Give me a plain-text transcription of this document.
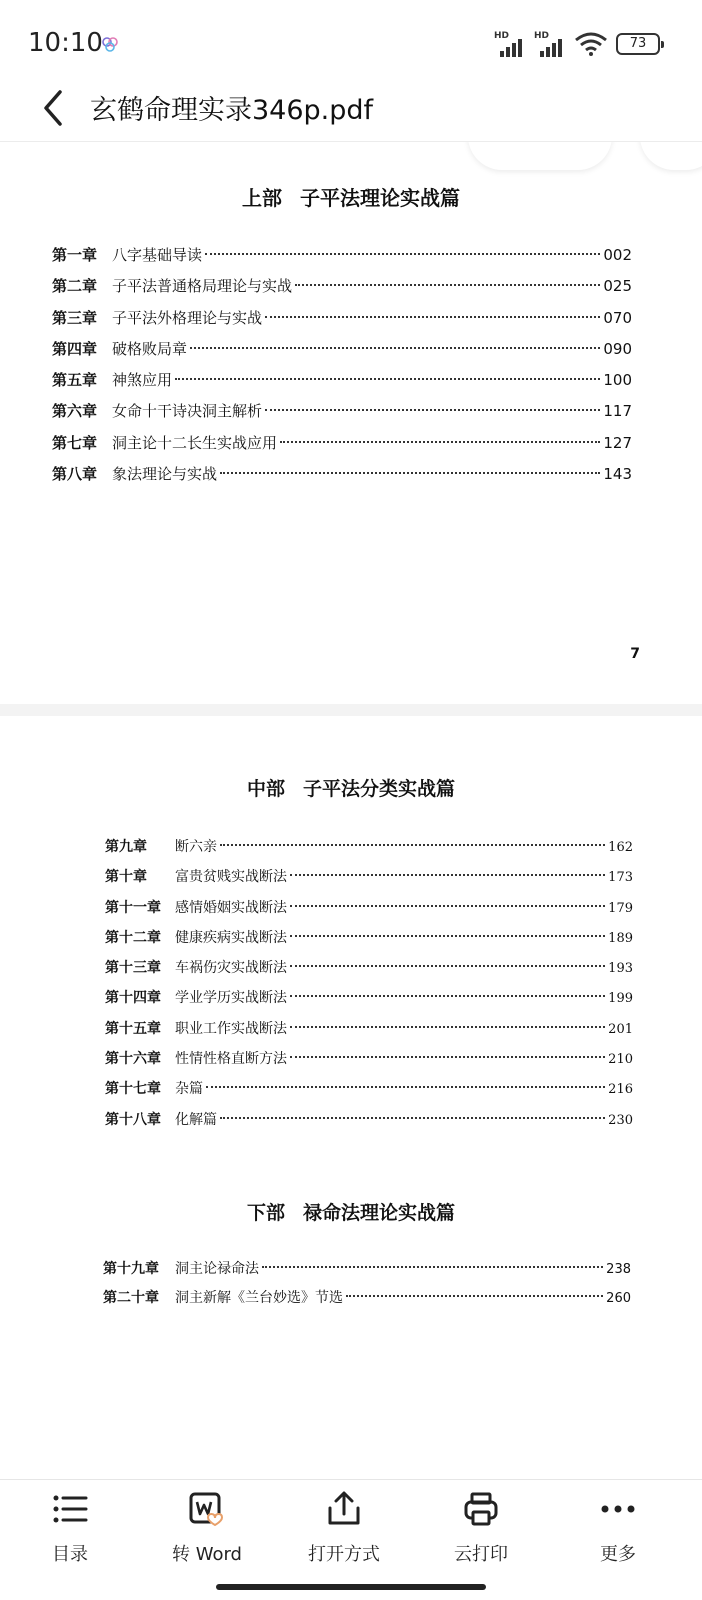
10:10	HD	HD	73
玄鹤命理实录346p.pdf
上部 子平法理论实战篇
第一章 八字基础导读	002
第二章 子平法普通格局理论与实战	025
第三章 子平法外格理论与实战	070
第四章 破格败局章	090
第五章 神煞应用	100
第六章 女命十干诗决洞主解析	117
第七章 洞主论十二长生实战应用	127
第八章 象法理论与实战	143
7
中部 子平法分类实战篇
第九章	断六亲	162
第十章	富贵贫贱实战断法	173
第十一章	感情婚姻实战断法	179
第十二章	健康疾病实战断法	189
第十三章	车祸伤灾实战断法	193
第十四章	学业学历实战断法	199
第十五章	职业工作实战断法	201
第十六章	性情性格直断方法	210
第十七章	杂篇	216
第十八章	化解篇	230
下部 禄命法理论实战篇
第十九章	洞主论禄命法	238
第二十章	洞主新解《兰台妙选》节选	260
目录	转 Word	打开方式	云打印	更多
